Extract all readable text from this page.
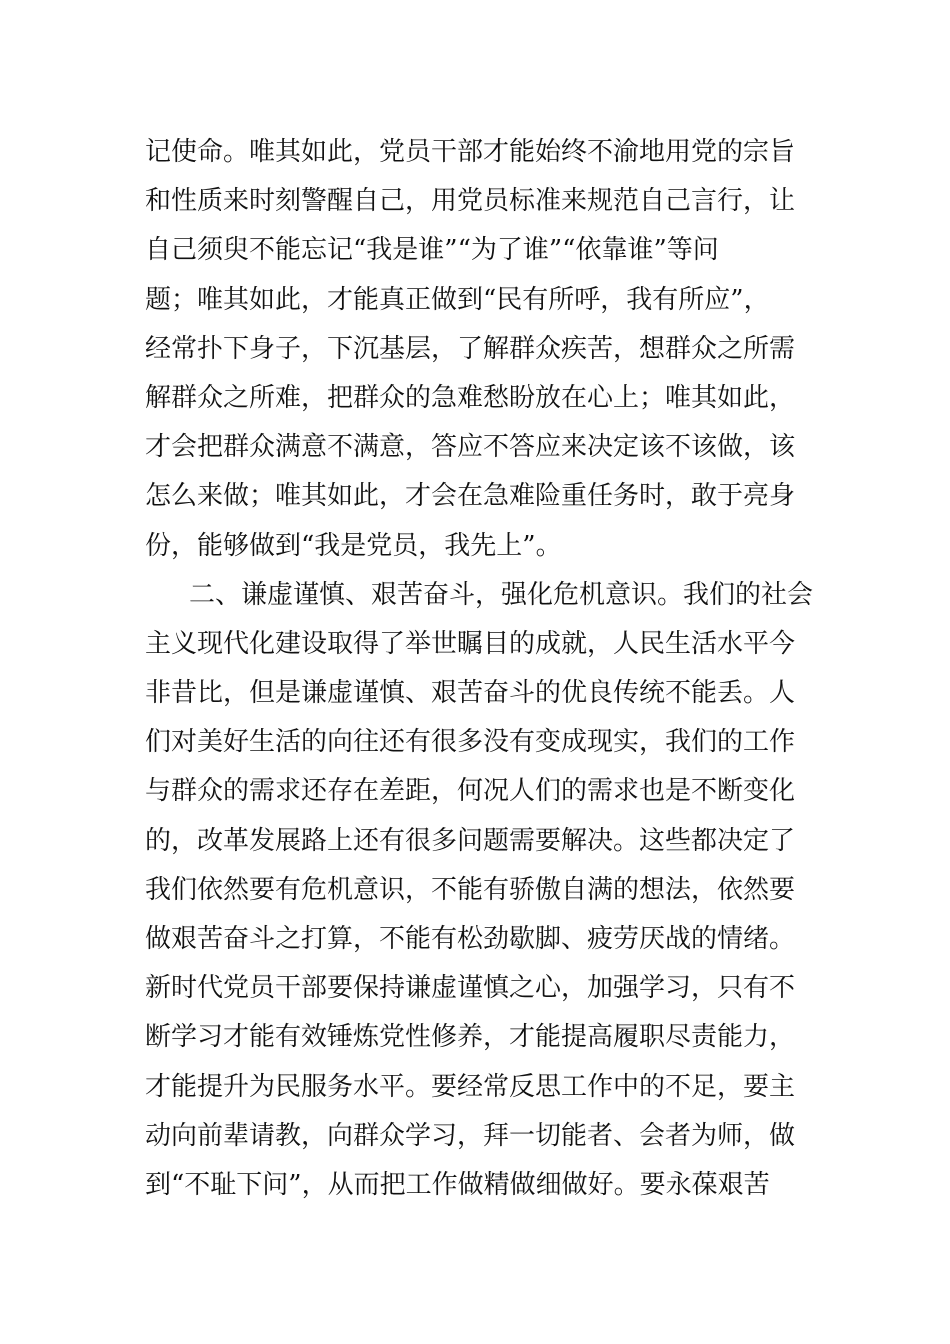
记使命。唯其如此，党员干部才能始终不渝地用党的宗旨
和性质来时刻警醒自己，用党员标准来规范自己言行，让
自己须臾不能忘记“我是谁”“为了谁”“依靠谁”等问
题；唯其如此，才能真正做到“民有所呼，我有所应”，
经常扑下身子，下沉基层，了解群众疾苦，想群众之所需
解群众之所难，把群众的急难愁盼放在心上；唯其如此，
才会把群众满意不满意，答应不答应来决定该不该做，该
怎么来做；唯其如此，才会在急难险重任务时，敢于亮身
份，能够做到“我是党员，我先上”。
二、谦虚谨慎、艰苦奋斗，强化危机意识。我们的社会
主义现代化建设取得了举世瞩目的成就，人民生活水平今
非昔比，但是谦虚谨慎、艰苦奋斗的优良传统不能丢。人
们对美好生活的向往还有很多没有变成现实，我们的工作
与群众的需求还存在差距，何况人们的需求也是不断变化
的，改革发展路上还有很多问题需要解决。这些都决定了
我们依然要有危机意识，不能有骄傲自满的想法，依然要
做艰苦奋斗之打算，不能有松劲歇脚、疲劳厌战的情绪。
新时代党员干部要保持谦虚谨慎之心，加强学习，只有不
断学习才能有效锤炼党性修养，才能提高履职尽责能力，
才能提升为民服务水平。要经常反思工作中的不足，要主
动向前辈请教，向群众学习，拜一切能者、会者为师，做
到“不耻下问”，从而把工作做精做细做好。要永葆艰苦
